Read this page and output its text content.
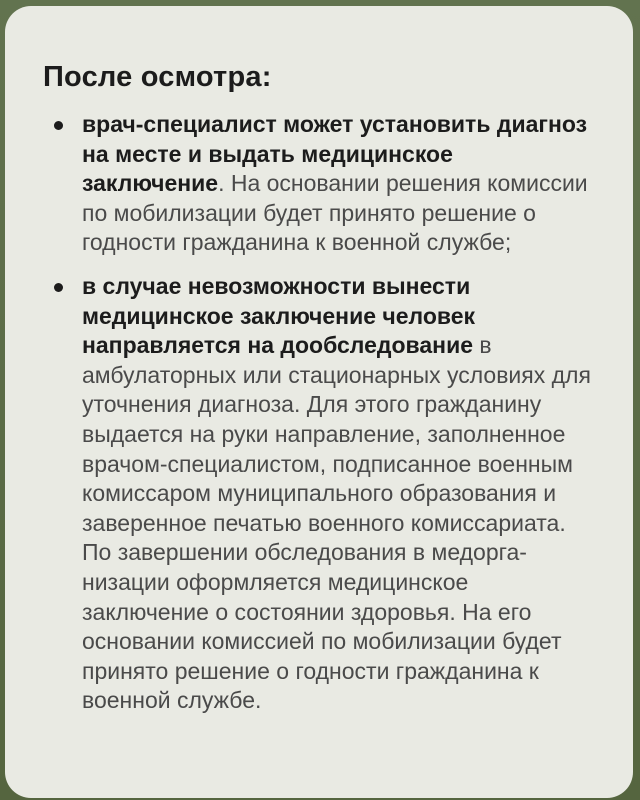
После осмотра:
врач-специалист может установить диагноз на месте и выдать медицинское заключение. На основании решения комиссии по мобилизации будет принято решение о годности гражданина к военной службе;
в случае невозможности вынести медицинское заключение человек направляется на дообследование в амбулаторных или стационарных условиях для уточнения диагноза. Для этого гражданину выдается на руки направление, заполненное врачом-специалистом, подписанное военным комиссаром муниципального образования и заверенное печатью военного комиссариата. По завершении обследования в медорга-низации оформляется медицинское заключение о состоянии здоровья. На его основании комиссией по мобилизации будет принято решение о годности гражданина к военной службе.
